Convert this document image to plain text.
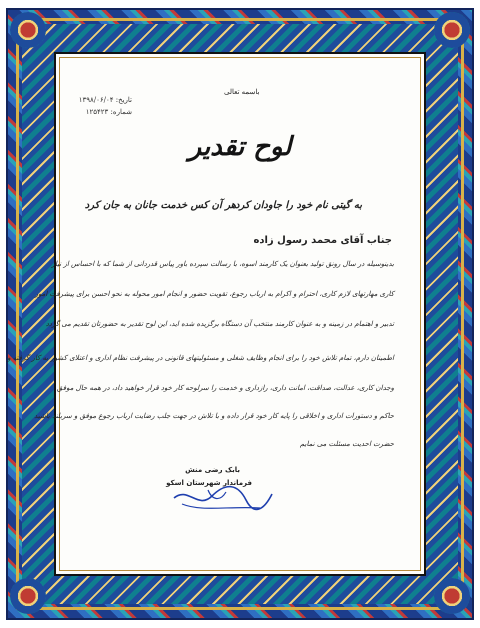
باسمه تعالی
تاریخ: ۱۳۹۸/۰۶/۰۴
شماره: ۱۲۵۴۲۳
لوح تقدیر
هر آن کس خدمت جانان به جان کرد به گیتی نام خود را جاودان کرد
جناب آقای محمد رسول زاده
بدینوسیله در سال رونق تولید بعنوان یک کارمند اسوه، با رسالت سپرده باور پیاس قدردانی از شما که با احساس از نیاز
کاری مهارتهای لازم کاری، احترام و اکرام به ارباب رجوع، تقویت حضور و انجام امور محوله به نحو احسن برای پیشرفت امور
تدبیر و اهتمام در زمینه و به عنوان کارمند منتخب آن دستگاه برگزیده شده اید، این لوح تقدیر به حضورتان تقدیم می گردد
اطمینان دارم، تمام تلاش خود را برای انجام وظایف شغلی و مسئولیتهای قانونی در پیشرفت نظام اداری و اعتلای کشور به کار گرفته و
وجدان کاری، عدالت، صداقت، امانت داری، رازداری و خدمت را سرلوحه کار خود قرار خواهید داد، در همه حال موفق
حاکم و دستورات اداری و اخلاقی را پایه کار خود قرار داده و با تلاش در جهت جلب رضایت ارباب رجوع موفق و سربلند باشید
حضرت احدیت مسئلت می نمایم
بابک رضی منش
فرماندار شهرستان اسکو
